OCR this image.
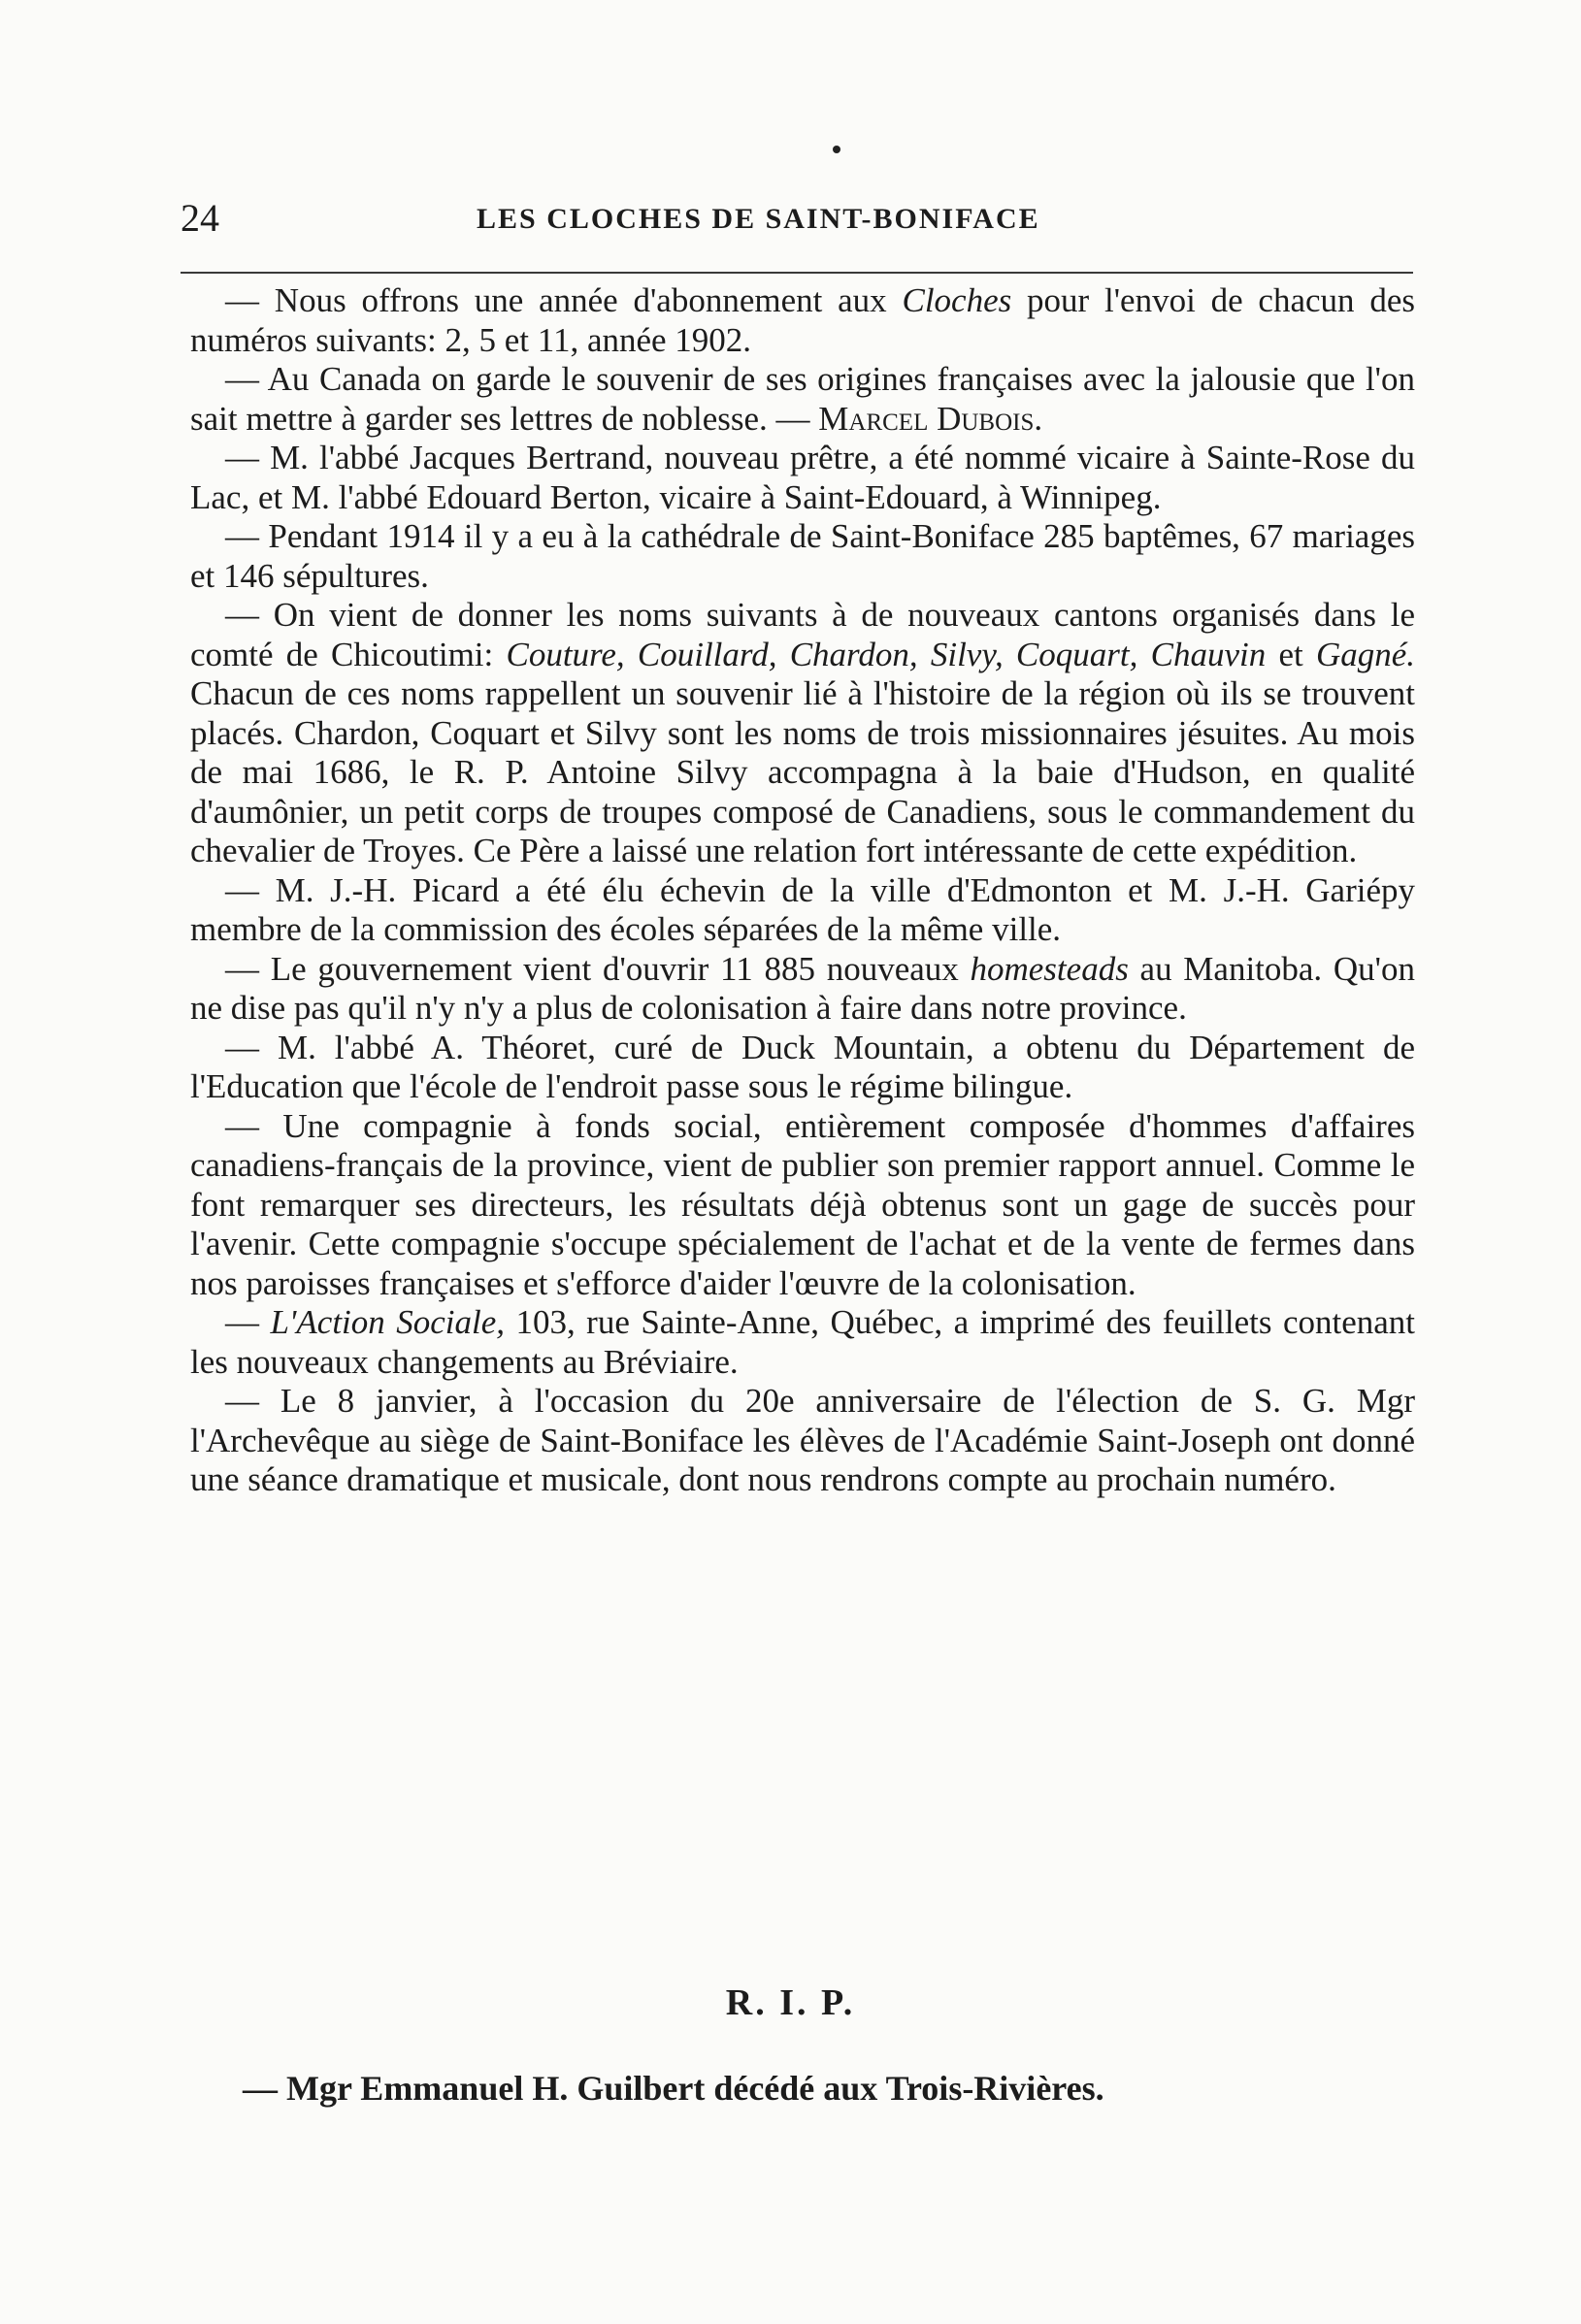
24	LES CLOCHES DE SAINT-BONIFACE

— Nous offrons une année d'abonnement aux Cloches pour l'envoi de chacun des numéros suivants: 2, 5 et 11, année 1902.

— Au Canada on garde le souvenir de ses origines françaises avec la jalousie que l'on sait mettre à garder ses lettres de noblesse. — Marcel Dubois.

— M. l'abbé Jacques Bertrand, nouveau prêtre, a été nommé vicaire à Sainte-Rose du Lac, et M. l'abbé Edouard Berton, vicaire à Saint-Edouard, à Winnipeg.

— Pendant 1914 il y a eu à la cathédrale de Saint-Boniface 285 baptêmes, 67 mariages et 146 sépultures.

— On vient de donner les noms suivants à de nouveaux cantons organisés dans le comté de Chicoutimi: Couture, Couillard, Chardon, Silvy, Coquart, Chauvin et Gagné. Chacun de ces noms rappellent un souvenir lié à l'histoire de la région où ils se trouvent placés. Chardon, Coquart et Silvy sont les noms de trois missionnaires jésuites. Au mois de mai 1686, le R. P. Antoine Silvy accompagna à la baie d'Hudson, en qualité d'aumônier, un petit corps de troupes composé de Canadiens, sous le commandement du chevalier de Troyes. Ce Père a laissé une relation fort intéressante de cette expédition.

— M. J.-H. Picard a été élu échevin de la ville d'Edmonton et M. J.-H. Gariépy membre de la commission des écoles séparées de la même ville.

— Le gouvernement vient d'ouvrir 11 885 nouveaux homesteads au Manitoba. Qu'on ne dise pas qu'il n'y n'y a plus de colonisation à faire dans notre province.

— M. l'abbé A. Théoret, curé de Duck Mountain, a obtenu du Département de l'Education que l'école de l'endroit passe sous le régime bilingue.

— Une compagnie à fonds social, entièrement composée d'hommes d'affaires canadiens-français de la province, vient de publier son premier rapport annuel. Comme le font remarquer ses directeurs, les résultats déjà obtenus sont un gage de succès pour l'avenir. Cette compagnie s'occupe spécialement de l'achat et de la vente de fermes dans nos paroisses françaises et s'efforce d'aider l'œuvre de la colonisation.

— L'Action Sociale, 103, rue Sainte-Anne, Québec, a imprimé des feuillets contenant les nouveaux changements au Bréviaire.

— Le 8 janvier, à l'occasion du 20e anniversaire de l'élection de S. G. Mgr l'Archevêque au siège de Saint-Boniface les élèves de l'Académie Saint-Joseph ont donné une séance dramatique et musicale, dont nous rendrons compte au prochain numéro.

R. I. P.
— Mgr Emmanuel H. Guilbert décédé aux Trois-Rivières.
